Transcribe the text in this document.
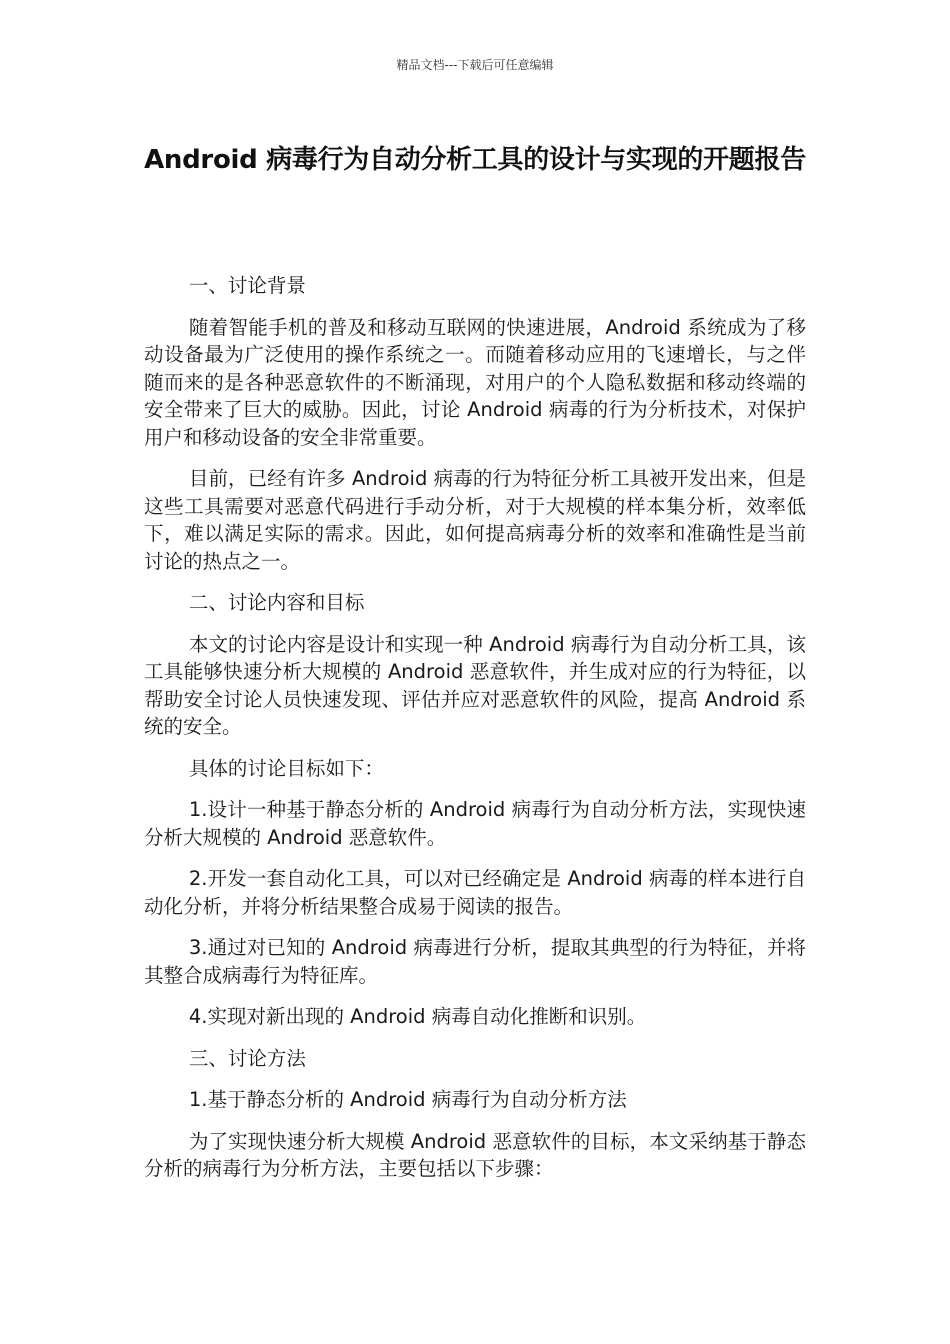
精品文档---下载后可任意编辑
Android 病毒行为自动分析工具的设计与实现的开题报告

一、讨论背景

随着智能手机的普及和移动互联网的快速进展，Android 系统成为了移动设备最为广泛使用的操作系统之一。而随着移动应用的飞速增长，与之伴随而来的是各种恶意软件的不断涌现，对用户的个人隐私数据和移动终端的安全带来了巨大的威胁。因此，讨论 Android 病毒的行为分析技术，对保护用户和移动设备的安全非常重要。

目前，已经有许多 Android 病毒的行为特征分析工具被开发出来，但是这些工具需要对恶意代码进行手动分析，对于大规模的样本集分析，效率低下，难以满足实际的需求。因此，如何提高病毒分析的效率和准确性是当前讨论的热点之一。

二、讨论内容和目标

本文的讨论内容是设计和实现一种 Android 病毒行为自动分析工具，该工具能够快速分析大规模的 Android 恶意软件，并生成对应的行为特征，以帮助安全讨论人员快速发现、评估并应对恶意软件的风险，提高 Android 系统的安全。

具体的讨论目标如下：

1.设计一种基于静态分析的 Android 病毒行为自动分析方法，实现快速分析大规模的 Android 恶意软件。

2.开发一套自动化工具，可以对已经确定是 Android 病毒的样本进行自动化分析，并将分析结果整合成易于阅读的报告。

3.通过对已知的 Android 病毒进行分析，提取其典型的行为特征，并将其整合成病毒行为特征库。

4.实现对新出现的 Android 病毒自动化推断和识别。

三、讨论方法

1.基于静态分析的 Android 病毒行为自动分析方法

为了实现快速分析大规模 Android 恶意软件的目标，本文采纳基于静态分析的病毒行为分析方法，主要包括以下步骤：
